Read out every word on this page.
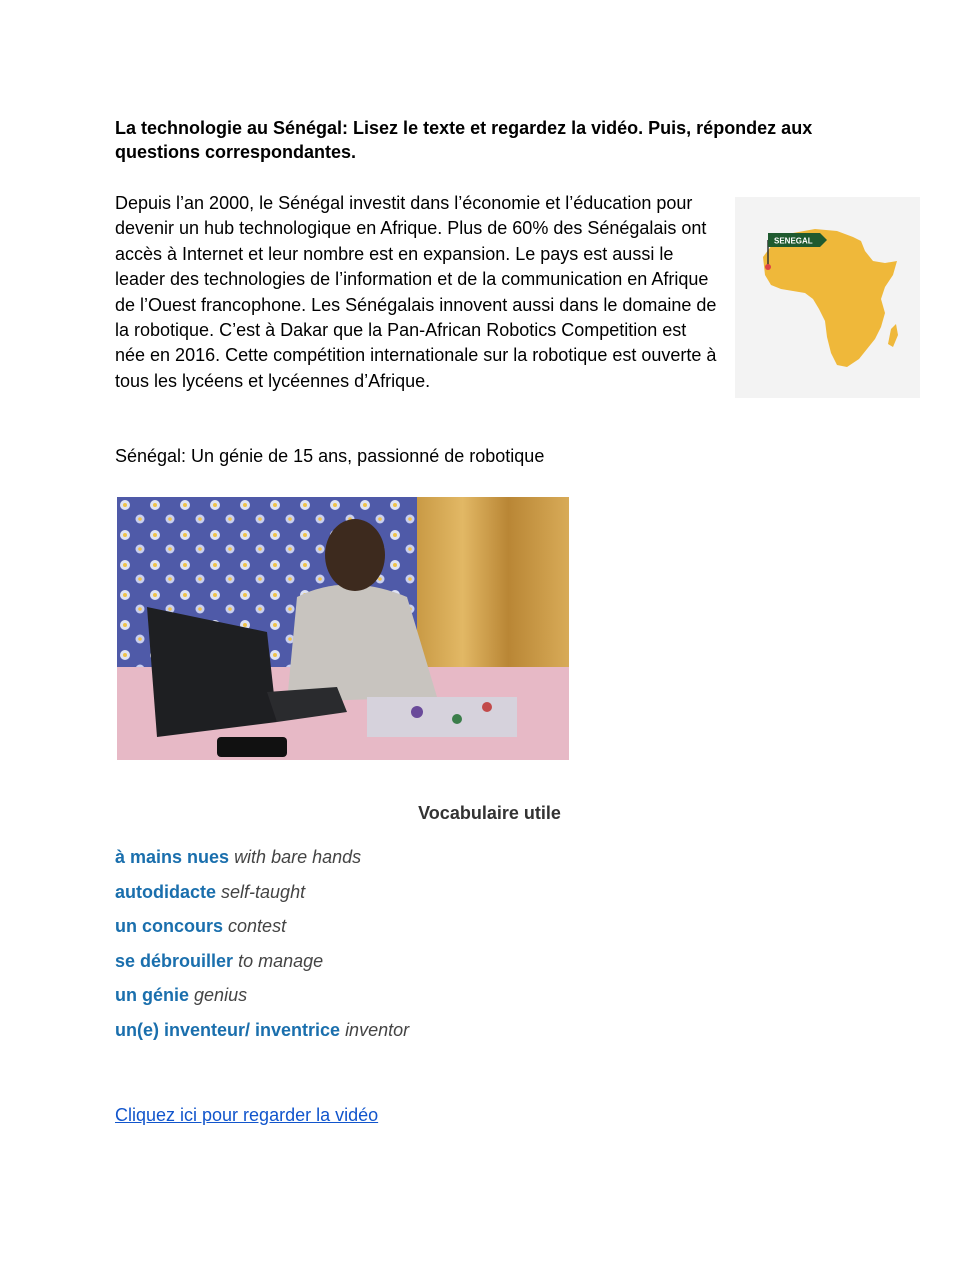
La technologie au Sénégal: Lisez le texte et regardez la vidéo. Puis, répondez aux questions correspondantes.

Depuis l’an 2000, le Sénégal investit dans l’économie et l’éducation pour devenir un hub technologique en Afrique. Plus de 60% des Sénégalais ont accès à Internet et leur nombre est en expansion. Le pays est aussi le leader des technologies de l’information et de la communication en Afrique de l’Ouest francophone. Les Sénégalais innovent aussi dans le domaine de la robotique. C’est à Dakar que la Pan-African Robotics Competition est née en 2016. Cette compétition internationale sur la robotique est ouverte à tous les lycéens et lycéennes d’Afrique.

SENEGAL
Sénégal: Un génie de 15 ans, passionné de robotique
Vocabulaire utile
à mains nues with bare hands
autodidacte self-taught
un concours contest
se débrouiller to manage
un génie genius
un(e) inventeur/ inventrice inventor
Cliquez ici pour regarder la vidéo
